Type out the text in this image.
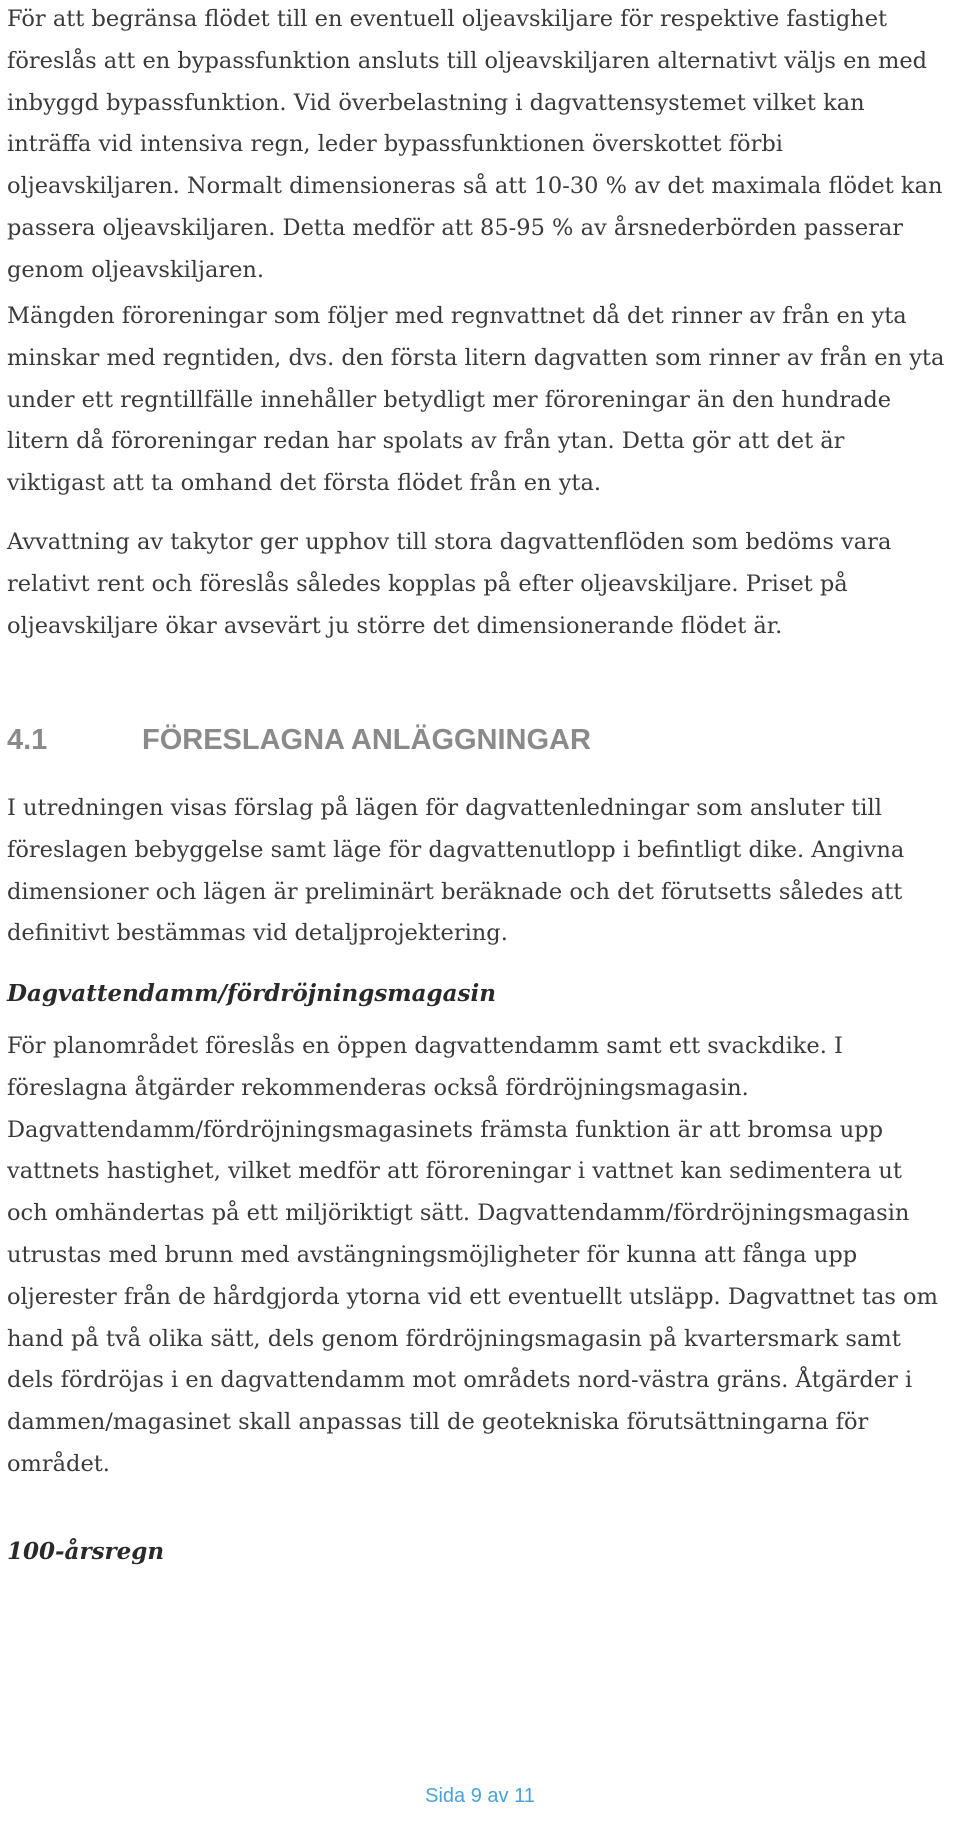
För att begränsa flödet till en eventuell oljeavskiljare för respektive fastighet föreslås att en bypassfunktion ansluts till oljeavskiljaren alternativt väljs en med inbyggd bypassfunktion. Vid överbelastning i dagvattensystemet vilket kan inträffa vid intensiva regn, leder bypassfunktionen överskottet förbi oljeavskiljaren. Normalt dimensioneras så att 10-30 % av det maximala flödet kan passera oljeavskiljaren. Detta medför att 85-95 % av årsnederbörden passerar genom oljeavskiljaren.

Mängden föroreningar som följer med regnvattnet då det rinner av från en yta minskar med regntiden, dvs. den första litern dagvatten som rinner av från en yta under ett regntillfälle innehåller betydligt mer föroreningar än den hundrade litern då föroreningar redan har spolats av från ytan. Detta gör att det är viktigast att ta omhand det första flödet från en yta.

Avvattning av takytor ger upphov till stora dagvattenflöden som bedöms vara relativt rent och föreslås således kopplas på efter oljeavskiljare. Priset på oljeavskiljare ökar avsevärt ju större det dimensionerande flödet är.

4.1	FÖRESLAGNA ANLÄGGNINGAR

I utredningen visas förslag på lägen för dagvattenledningar som ansluter till föreslagen bebyggelse samt läge för dagvattenutlopp i befintligt dike. Angivna dimensioner och lägen är preliminärt beräknade och det förutsetts således att definitivt bestämmas vid detaljprojektering.

Dagvattendamm/fördröjningsmagasin

För planområdet föreslås en öppen dagvattendamm samt ett svackdike. I föreslagna åtgärder rekommenderas också fördröjningsmagasin. Dagvattendamm/fördröjningsmagasinets främsta funktion är att bromsa upp vattnets hastighet, vilket medför att föroreningar i vattnet kan sedimentera ut och omhändertas på ett miljöriktigt sätt. Dagvattendamm/fördröjningsmagasin utrustas med brunn med avstängningsmöjligheter för kunna att fånga upp oljerester från de hårdgjorda ytorna vid ett eventuellt utsläpp. Dagvattnet tas om hand på två olika sätt, dels genom fördröjningsmagasin på kvartersmark samt dels fördröjas i en dagvattendamm mot områdets nord-västra gräns. Åtgärder i dammen/magasinet skall anpassas till de geotekniska förutsättningarna för området.

100-årsregn

Sida 9 av 11
